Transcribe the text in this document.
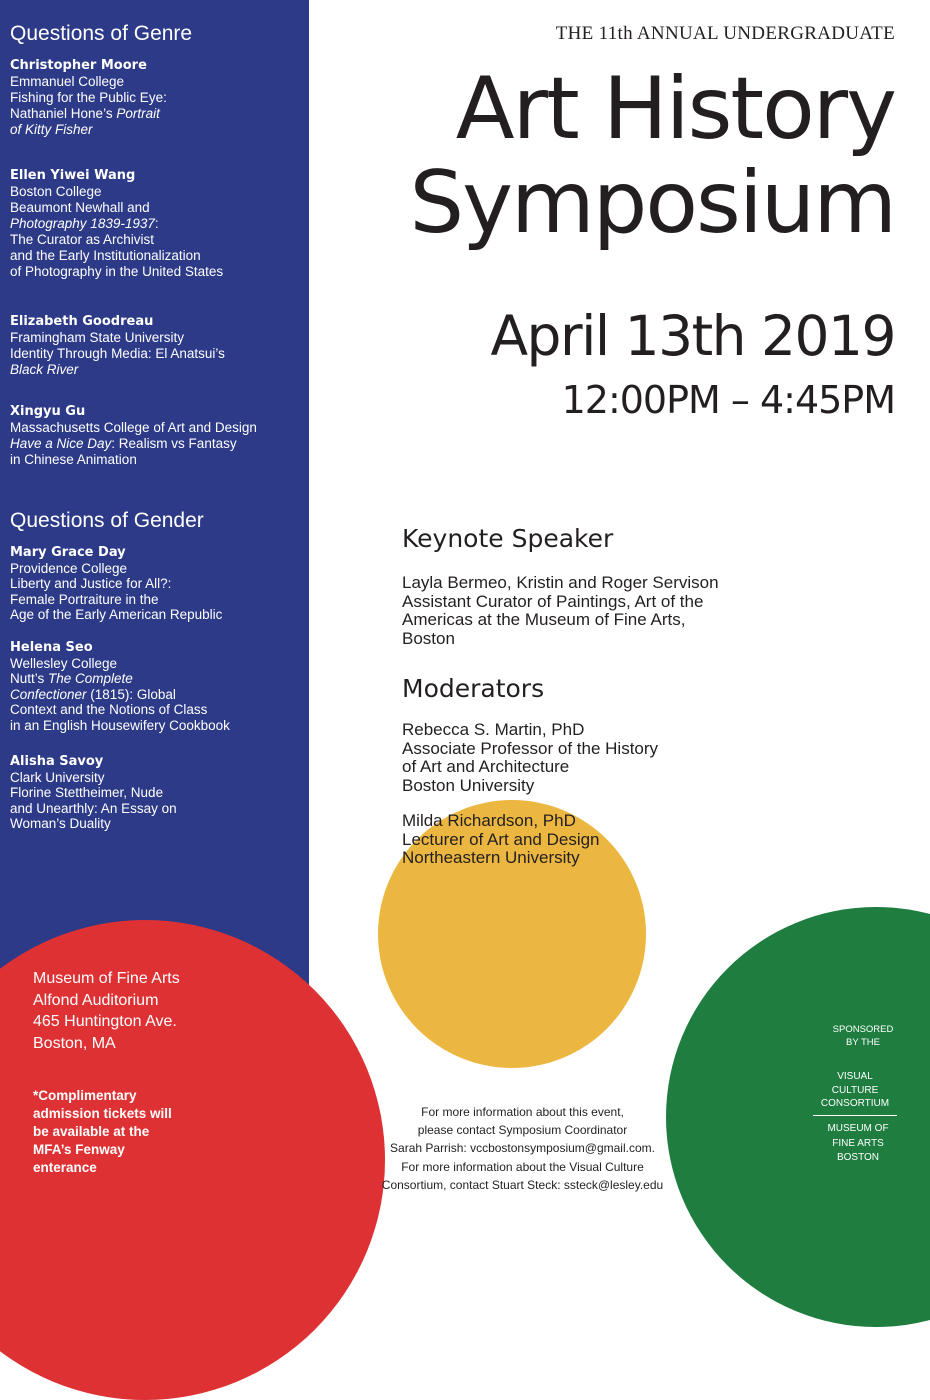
Questions of Genre
Christopher Moore
Emmanuel College
Fishing for the Public Eye:
Nathaniel Hone’s Portrait
of Kitty Fisher
Ellen Yiwei Wang
Boston College
Beaumont Newhall and
Photography 1839-1937:
The Curator as Archivist
and the Early Institutionalization
of Photography in the United States
Elizabeth Goodreau
Framingham State University
Identity Through Media: El Anatsui’s
Black River
Xingyu Gu
Massachusetts College of Art and Design
Have a Nice Day: Realism vs Fantasy
in Chinese Animation
Questions of Gender
Mary Grace Day
Providence College
Liberty and Justice for All?:
Female Portraiture in the
Age of the Early American Republic
Helena Seo
Wellesley College
Nutt’s The Complete
Confectioner (1815): Global
Context and the Notions of Class
in an English Housewifery Cookbook
Alisha Savoy
Clark University
Florine Stettheimer, Nude
and Unearthly: An Essay on
Woman’s Duality
Museum of Fine Arts
Alfond Auditorium
465 Huntington Ave.
Boston, MA
*Complimentary
admission tickets will
be available at the
MFA’s Fenway
enterance
THE 11th ANNUAL UNDERGRADUATE
Art History
Symposium
April 13th 2019
12:00PM – 4:45PM
Keynote Speaker
Layla Bermeo, Kristin and Roger Servison
Assistant Curator of Paintings, Art of the
Americas at the Museum of Fine Arts,
Boston
Moderators
Rebecca S. Martin, PhD
Associate Professor of the History
of Art and Architecture
Boston University
Milda Richardson, PhD
Lecturer of Art and Design
Northeastern University
For more information about this event,
please contact Symposium Coordinator
Sarah Parrish: vccbostonsymposium@gmail.com.
For more information about the Visual Culture
Consortium, contact Stuart Steck: ssteck@lesley.edu
SPONSORED
BY THE
VISUAL
CULTURE
CONSORTIUM
MUSEUM OF
FINE ARTS
BOSTON
